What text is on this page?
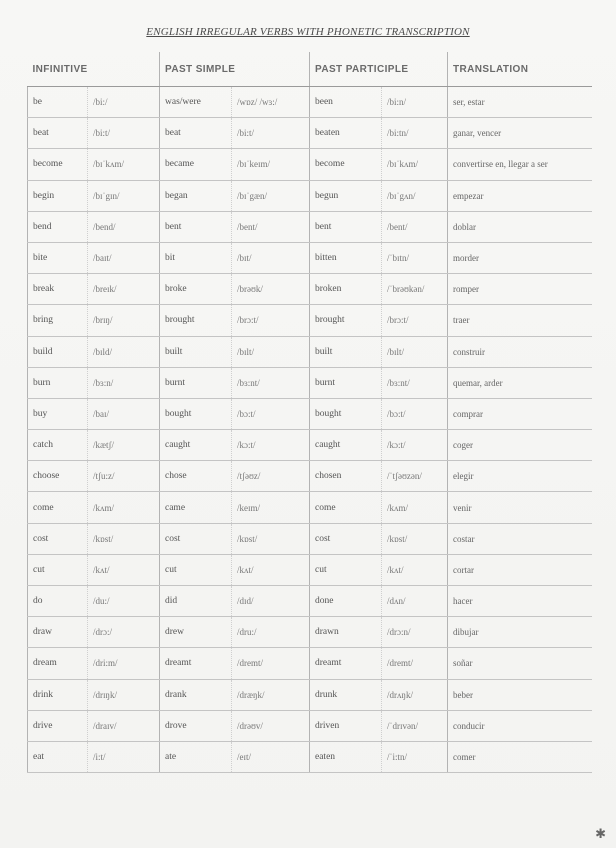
ENGLISH IRREGULAR VERBS WITH PHONETIC TRANSCRIPTION
INFINITIVE		PAST SIMPLE		PAST PARTICIPLE		TRANSLATION
be	/bi:/	was/were	/wɒz/ /wɜ:/	been	/bi:n/	ser, estar
beat	/bi:t/	beat	/bi:t/	beaten	/bi:tn/	ganar, vencer
become	/bɪˈkʌm/	became	/bɪˈkeɪm/	become	/bɪˈkʌm/	convertirse en, llegar a ser
begin	/bɪˈgɪn/	began	/bɪˈgæn/	begun	/bɪˈgʌn/	empezar
bend	/bend/	bent	/bent/	bent	/bent/	doblar
bite	/baɪt/	bit	/bɪt/	bitten	/ˈbɪtn/	morder
break	/breɪk/	broke	/brəʊk/	broken	/ˈbrəʊkən/	romper
bring	/brɪŋ/	brought	/brɔ:t/	brought	/brɔ:t/	traer
build	/bɪld/	built	/bɪlt/	built	/bɪlt/	construir
burn	/bɜ:n/	burnt	/bɜ:nt/	burnt	/bɜ:nt/	quemar, arder
buy	/baɪ/	bought	/bɔ:t/	bought	/bɔ:t/	comprar
catch	/kætʃ/	caught	/kɔ:t/	caught	/kɔ:t/	coger
choose	/tʃu:z/	chose	/tʃəʊz/	chosen	/ˈtʃəʊzən/	elegir
come	/kʌm/	came	/keɪm/	come	/kʌm/	venir
cost	/kɒst/	cost	/kɒst/	cost	/kɒst/	costar
cut	/kʌt/	cut	/kʌt/	cut	/kʌt/	cortar
do	/du:/	did	/dɪd/	done	/dʌn/	hacer
draw	/drɔ:/	drew	/dru:/	drawn	/drɔ:n/	dibujar
dream	/dri:m/	dreamt	/dremt/	dreamt	/dremt/	soñar
drink	/drɪŋk/	drank	/dræŋk/	drunk	/drʌŋk/	beber
drive	/draɪv/	drove	/drəʊv/	driven	/ˈdrɪvən/	conducir
eat	/i:t/	ate	/eɪt/	eaten	/ˈi:tn/	comer
✱
